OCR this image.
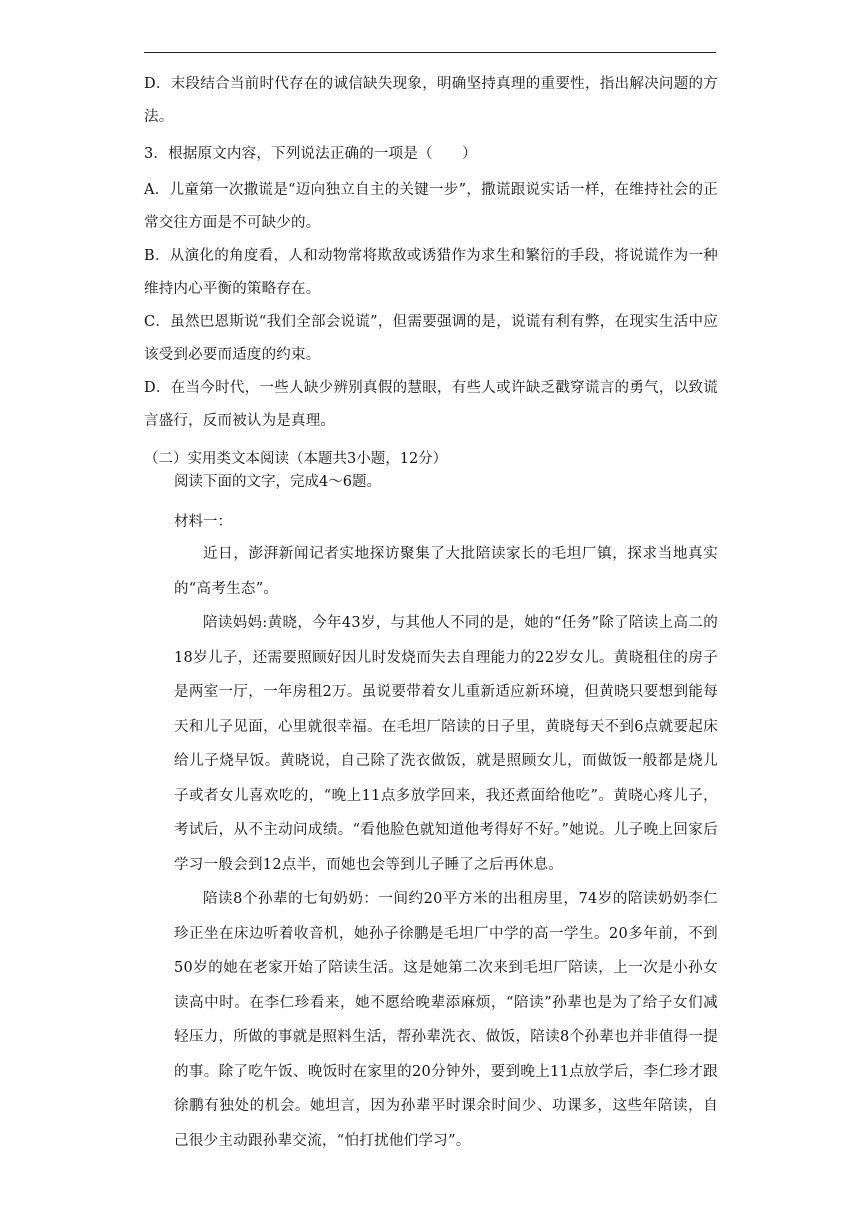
D．末段结合当前时代存在的诚信缺失现象，明确坚持真理的重要性，指出解决问题的方法。

3．根据原文内容，下列说法正确的一项是（　　）

A．儿童第一次撒谎是“迈向独立自主的关键一步”，撒谎跟说实话一样，在维持社会的正常交往方面是不可缺少的。

B．从演化的角度看，人和动物常将欺敌或诱猎作为求生和繁衍的手段，将说谎作为一种维持内心平衡的策略存在。

C．虽然巴恩斯说“我们全部会说谎”，但需要强调的是，说谎有利有弊，在现实生活中应该受到必要而适度的约束。

D．在当今时代，一些人缺少辨别真假的慧眼，有些人或许缺乏戳穿谎言的勇气，以致谎言盛行，反而被认为是真理。

（二）实用类文本阅读（本题共3小题，12分）
阅读下面的文字，完成4～6题。
材料一：

近日，澎湃新闻记者实地探访聚集了大批陪读家长的毛坦厂镇，探求当地真实的“高考生态”。

陪读妈妈:黄晓，今年43岁，与其他人不同的是，她的“任务”除了陪读上高二的18岁儿子，还需要照顾好因儿时发烧而失去自理能力的22岁女儿。黄晓租住的房子是两室一厅，一年房租2万。虽说要带着女儿重新适应新环境，但黄晓只要想到能每天和儿子见面，心里就很幸福。在毛坦厂陪读的日子里，黄晓每天不到6点就要起床给儿子烧早饭。黄晓说，自己除了洗衣做饭，就是照顾女儿，而做饭一般都是烧儿子或者女儿喜欢吃的，“晚上11点多放学回来，我还煮面给他吃”。黄晓心疼儿子，考试后，从不主动问成绩。“看他脸色就知道他考得好不好。”她说。儿子晚上回家后学习一般会到12点半，而她也会等到儿子睡了之后再休息。

陪读8个孙辈的七旬奶奶：一间约20平方米的出租房里，74岁的陪读奶奶李仁珍正坐在床边听着收音机，她孙子徐鹏是毛坦厂中学的高一学生。20多年前，不到50岁的她在老家开始了陪读生活。这是她第二次来到毛坦厂陪读，上一次是小孙女读高中时。在李仁珍看来，她不愿给晚辈添麻烦，“陪读”孙辈也是为了给子女们减轻压力，所做的事就是照料生活，帮孙辈洗衣、做饭，陪读8个孙辈也并非值得一提的事。除了吃午饭、晚饭时在家里的20分钟外，要到晚上11点放学后，李仁珍才跟徐鹏有独处的机会。她坦言，因为孙辈平时课余时间少、功课多，这些年陪读，自己很少主动跟孙辈交流，“怕打扰他们学习”。
